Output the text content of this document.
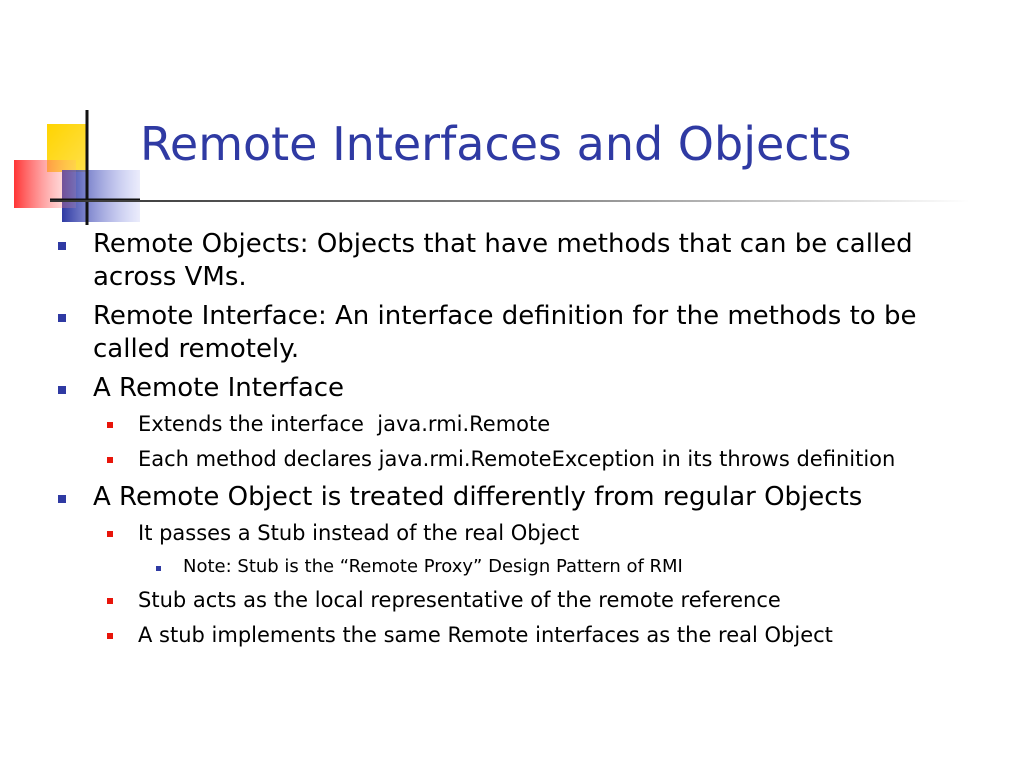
Remote Interfaces and Objects
Remote Objects: Objects that have methods that can be called across VMs.
Remote Interface: An interface definition for the methods to be called remotely.
A Remote Interface
Extends the interface  java.rmi.Remote
Each method declares java.rmi.RemoteException in its throws definition
A Remote Object is treated differently from regular Objects
It passes a Stub instead of the real Object
Note: Stub is the “Remote Proxy” Design Pattern of RMI
Stub acts as the local representative of the remote reference
A stub implements the same Remote interfaces as the real Object
